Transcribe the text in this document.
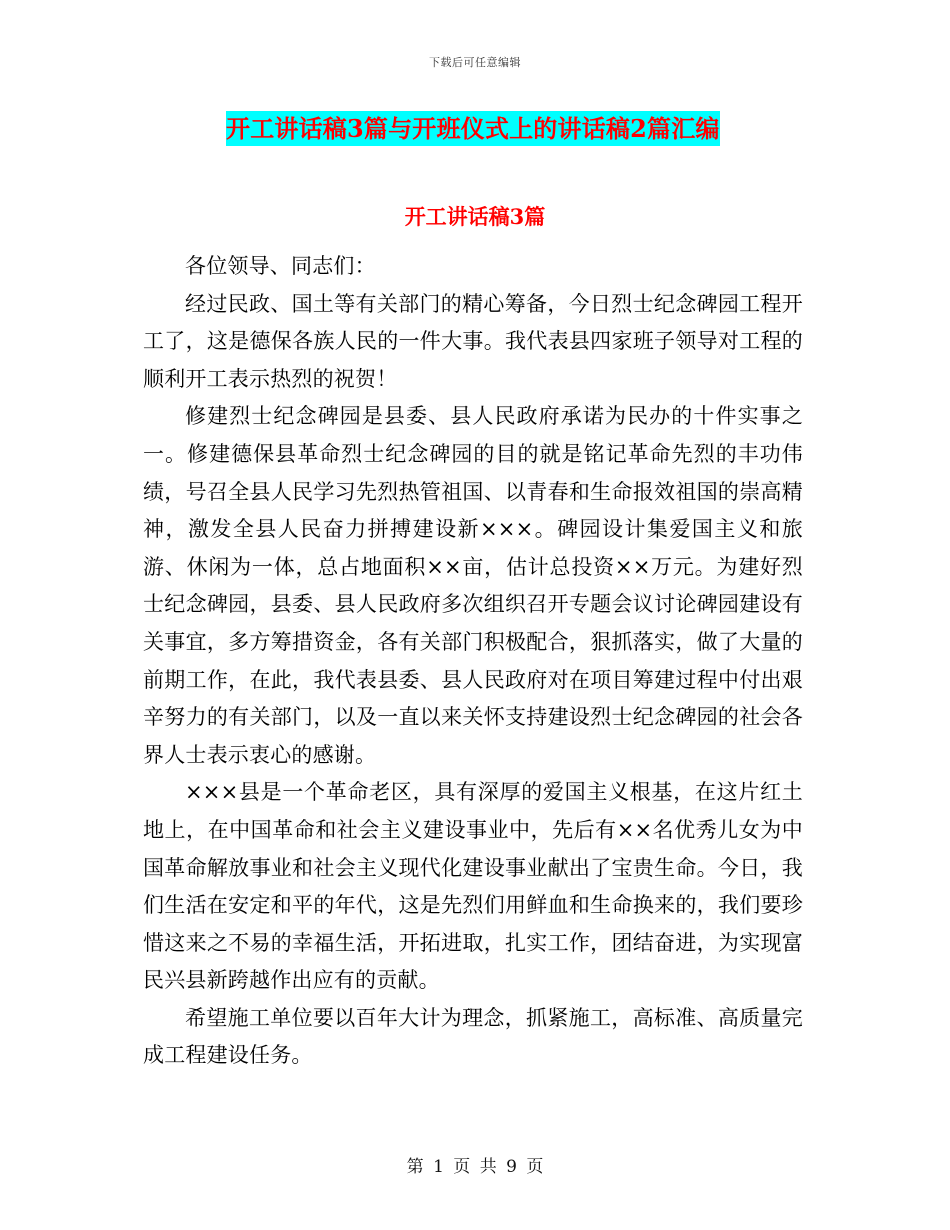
下载后可任意编辑
开工讲话稿3篇与开班仪式上的讲话稿2篇汇编
开工讲话稿3篇

各位领导、同志们：

经过民政、国土等有关部门的精心筹备，今日烈士纪念碑园工程开工了，这是德保各族人民的一件大事。我代表县四家班子领导对工程的顺利开工表示热烈的祝贺！

修建烈士纪念碑园是县委、县人民政府承诺为民办的十件实事之一。修建德保县革命烈士纪念碑园的目的就是铭记革命先烈的丰功伟绩，号召全县人民学习先烈热管祖国、以青春和生命报效祖国的崇高精神，激发全县人民奋力拼搏建设新×××。碑园设计集爱国主义和旅游、休闲为一体，总占地面积××亩，估计总投资××万元。为建好烈士纪念碑园，县委、县人民政府多次组织召开专题会议讨论碑园建设有关事宜，多方筹措资金，各有关部门积极配合，狠抓落实，做了大量的前期工作，在此，我代表县委、县人民政府对在项目筹建过程中付出艰辛努力的有关部门，以及一直以来关怀支持建设烈士纪念碑园的社会各界人士表示衷心的感谢。

×××县是一个革命老区，具有深厚的爱国主义根基，在这片红土地上，在中国革命和社会主义建设事业中，先后有××名优秀儿女为中国革命解放事业和社会主义现代化建设事业献出了宝贵生命。今日，我们生活在安定和平的年代，这是先烈们用鲜血和生命换来的，我们要珍惜这来之不易的幸福生活，开拓进取，扎实工作，团结奋进，为实现富民兴县新跨越作出应有的贡献。

希望施工单位要以百年大计为理念，抓紧施工，高标准、高质量完成工程建设任务。

第 1 页 共 9 页
